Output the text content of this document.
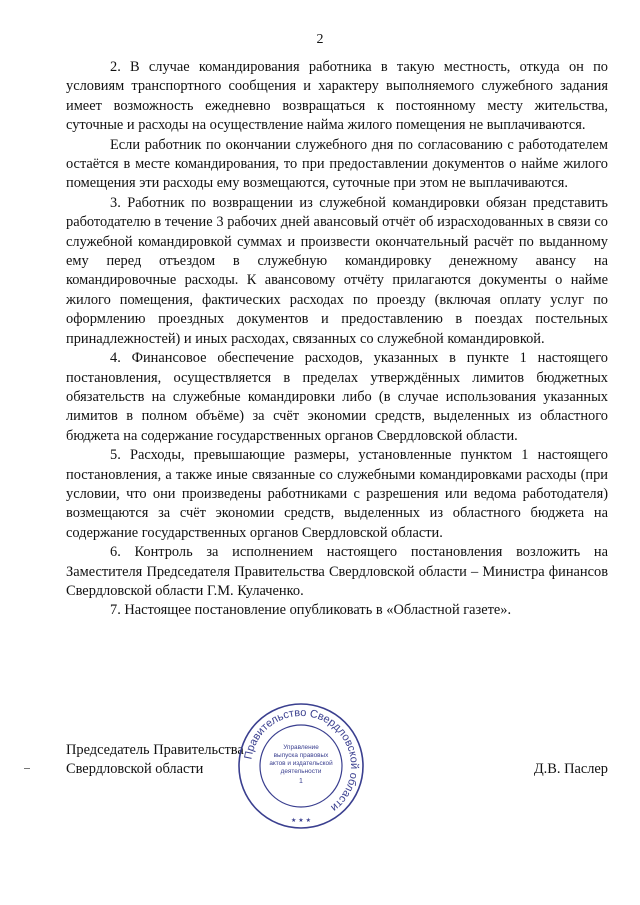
2

2. В случае командирования работника в такую местность, откуда он по условиям транспортного сообщения и характеру выполняемого служебного задания имеет возможность ежедневно возвращаться к постоянному месту жительства, суточные и расходы на осуществление найма жилого помещения не выплачиваются.

Если работник по окончании служебного дня по согласованию с работодателем остаётся в месте командирования, то при предоставлении документов о найме жилого помещения эти расходы ему возмещаются, суточные при этом не выплачиваются.

3. Работник по возвращении из служебной командировки обязан представить работодателю в течение 3 рабочих дней авансовый отчёт об израсходованных в связи со служебной командировкой суммах и произвести окончательный расчёт по выданному ему перед отъездом в служебную командировку денежному авансу на командировочные расходы. К авансовому отчёту прилагаются документы о найме жилого помещения, фактических расходах по проезду (включая оплату услуг по оформлению проездных документов и предоставлению в поездах постельных принадлежностей) и иных расходах, связанных со служебной командировкой.

4. Финансовое обеспечение расходов, указанных в пункте 1 настоящего постановления, осуществляется в пределах утверждённых лимитов бюджетных обязательств на служебные командировки либо (в случае использования указанных лимитов в полном объёме) за счёт экономии средств, выделенных из областного бюджета на содержание государственных органов Свердловской области.

5. Расходы, превышающие размеры, установленные пунктом 1 настоящего постановления, а также иные связанные со служебными командировками расходы (при условии, что они произведены работниками с разрешения или ведома работодателя) возмещаются за счёт экономии средств, выделенных из областного бюджета на содержание государственных органов Свердловской области.

6. Контроль за исполнением настоящего постановления возложить на Заместителя Председателя Правительства Свердловской области – Министра финансов Свердловской области Г.М. Кулаченко.

7. Настоящее постановление опубликовать в «Областной газете».

Председатель Правительства
Свердловской области
Правительство Свердловской области
Управление
выпуска правовых
актов и издательской
деятельности
1
★ ★ ★
Д.В. Паслер
